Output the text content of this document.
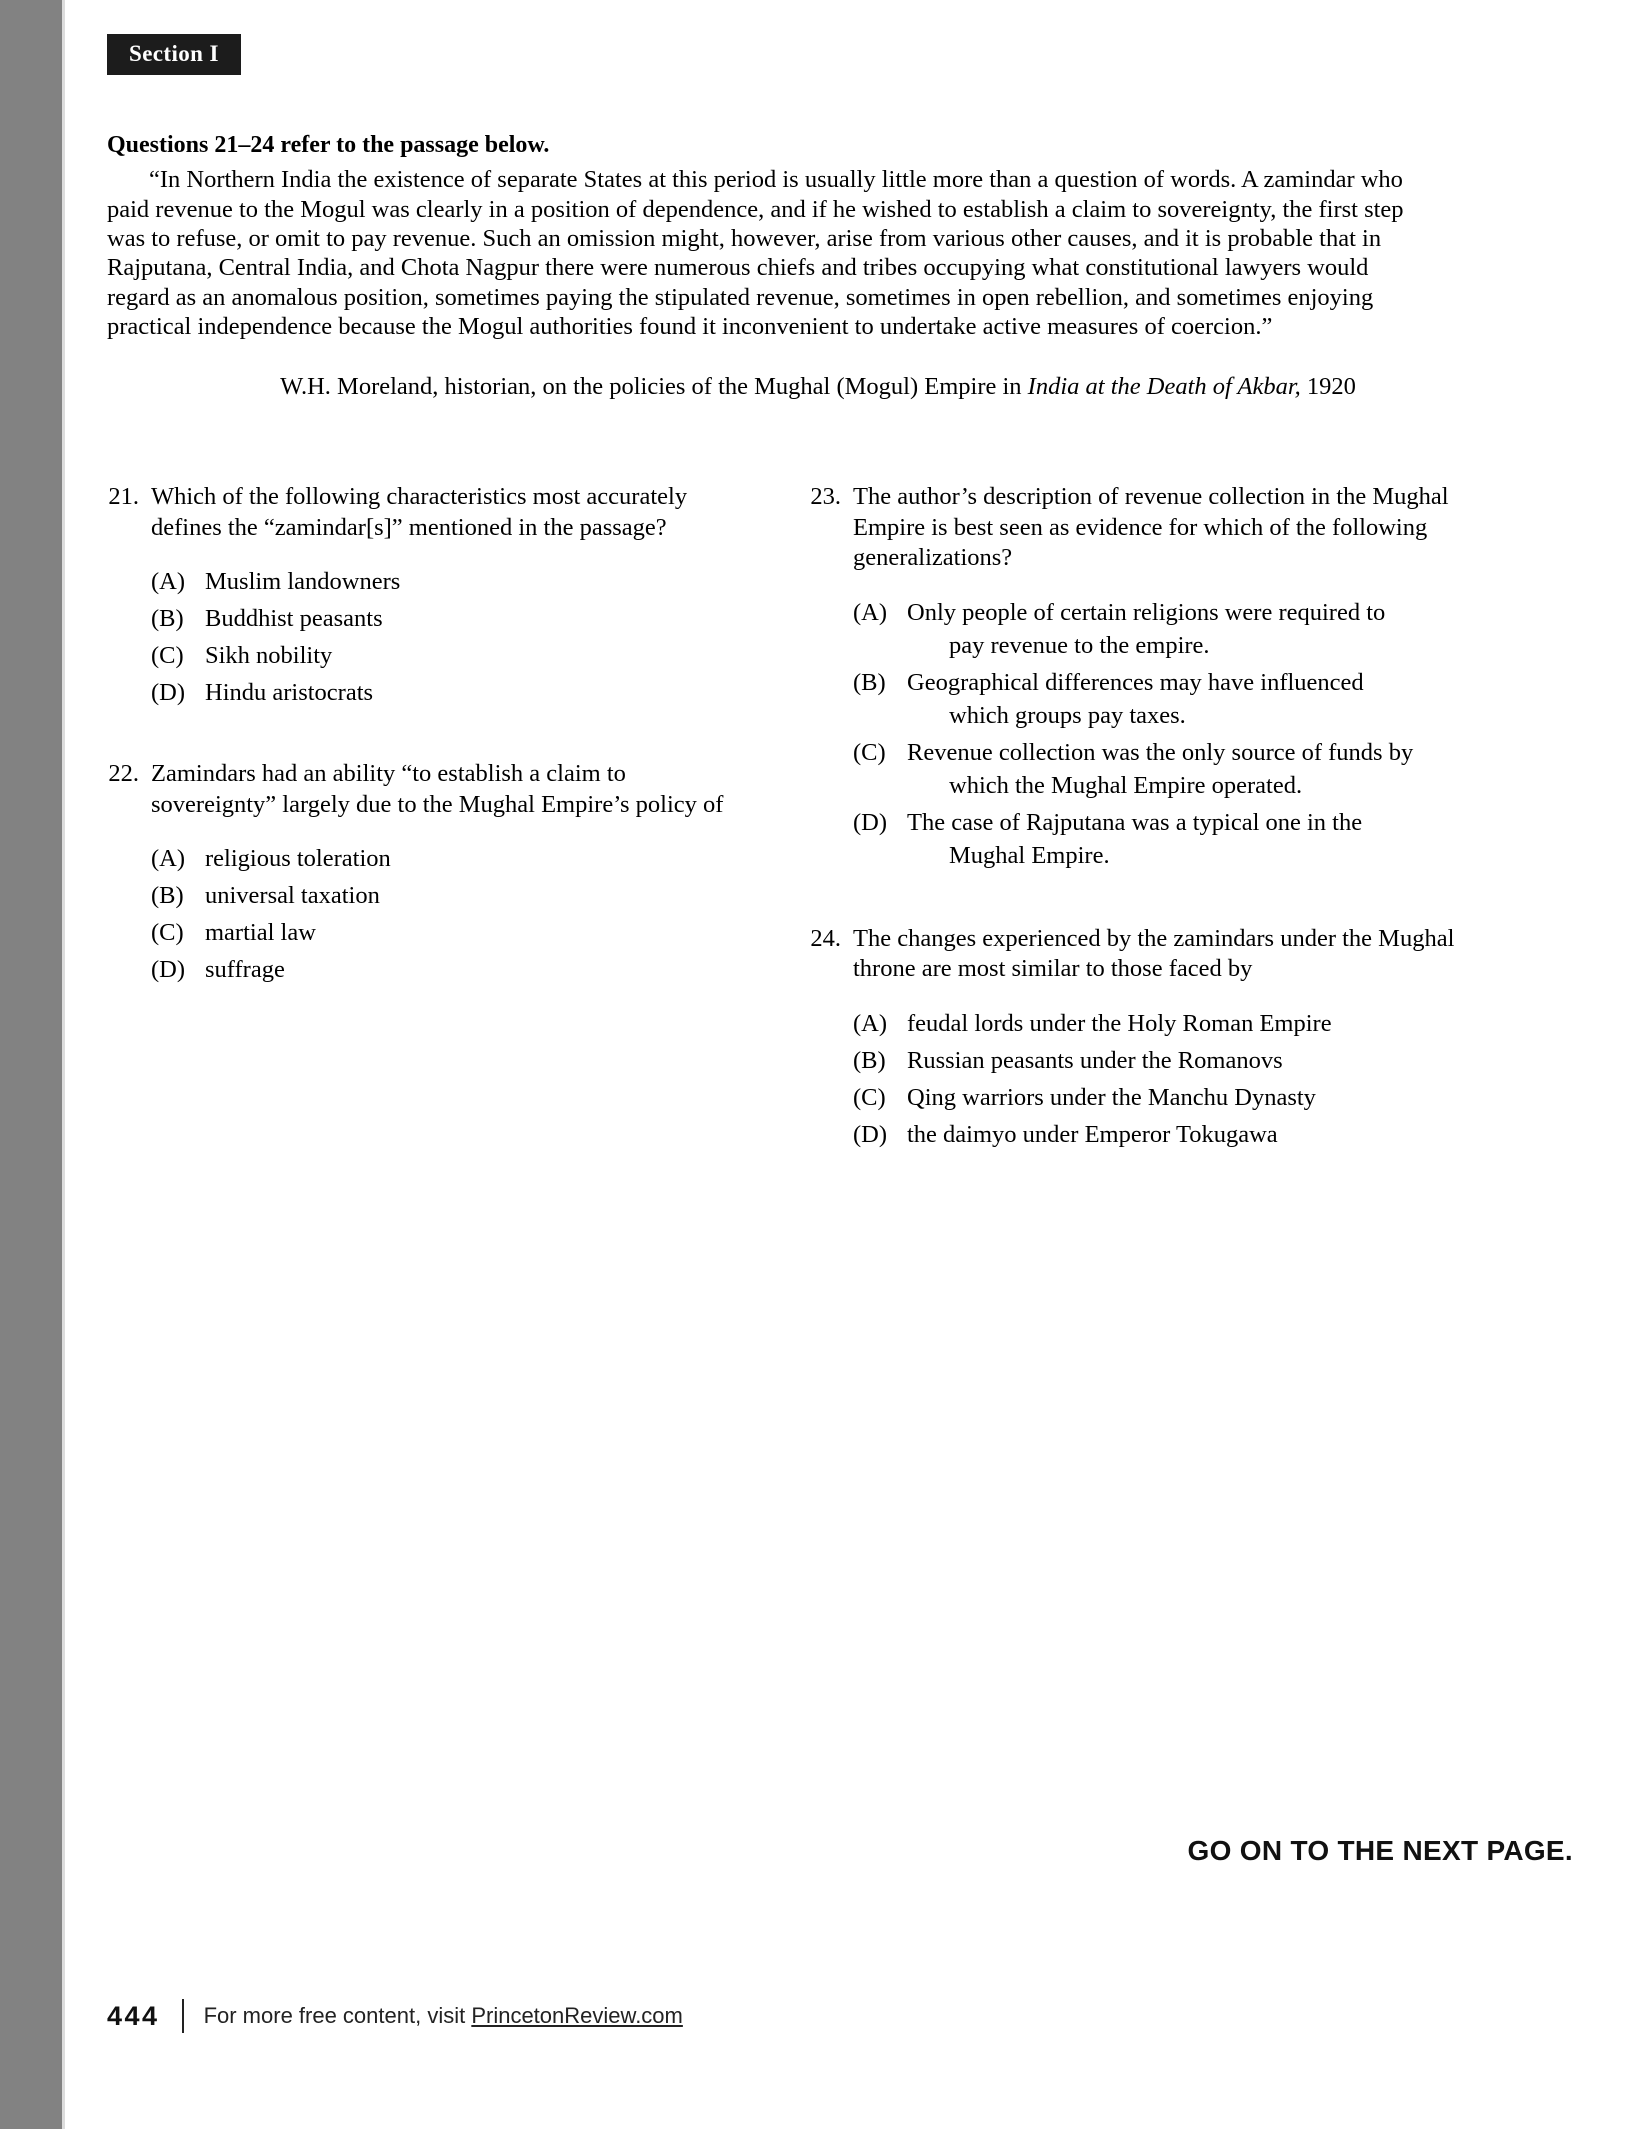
Section I
Questions 21–24 refer to the passage below.
“In Northern India the existence of separate States at this period is usually little more than a question of words. A zamindar who paid revenue to the Mogul was clearly in a position of dependence, and if he wished to establish a claim to sovereignty, the first step was to refuse, or omit to pay revenue. Such an omission might, however, arise from various other causes, and it is probable that in Rajputana, Central India, and Chota Nagpur there were numerous chiefs and tribes occupying what constitutional lawyers would regard as an anomalous position, sometimes paying the stipulated revenue, sometimes in open rebellion, and sometimes enjoying practical independence because the Mogul authorities found it inconvenient to undertake active measures of coercion.”
W.H. Moreland, historian, on the policies of the Mughal (Mogul) Empire in India at the Death of Akbar, 1920
21. Which of the following characteristics most accurately defines the “zamindar[s]” mentioned in the passage?
(A) Muslim landowners
(B) Buddhist peasants
(C) Sikh nobility
(D) Hindu aristocrats
22. Zamindars had an ability “to establish a claim to sovereignty” largely due to the Mughal Empire’s policy of
(A) religious toleration
(B) universal taxation
(C) martial law
(D) suffrage
23. The author’s description of revenue collection in the Mughal Empire is best seen as evidence for which of the following generalizations?
(A) Only people of certain religions were required to
pay revenue to the empire.
(B) Geographical differences may have influenced
which groups pay taxes.
(C) Revenue collection was the only source of funds by
which the Mughal Empire operated.
(D) The case of Rajputana was a typical one in the
Mughal Empire.
24. The changes experienced by the zamindars under the Mughal throne are most similar to those faced by
(A) feudal lords under the Holy Roman Empire
(B) Russian peasants under the Romanovs
(C) Qing warriors under the Manchu Dynasty
(D) the daimyo under Emperor Tokugawa
GO ON TO THE NEXT PAGE.
444 For more free content, visit PrincetonReview.com
